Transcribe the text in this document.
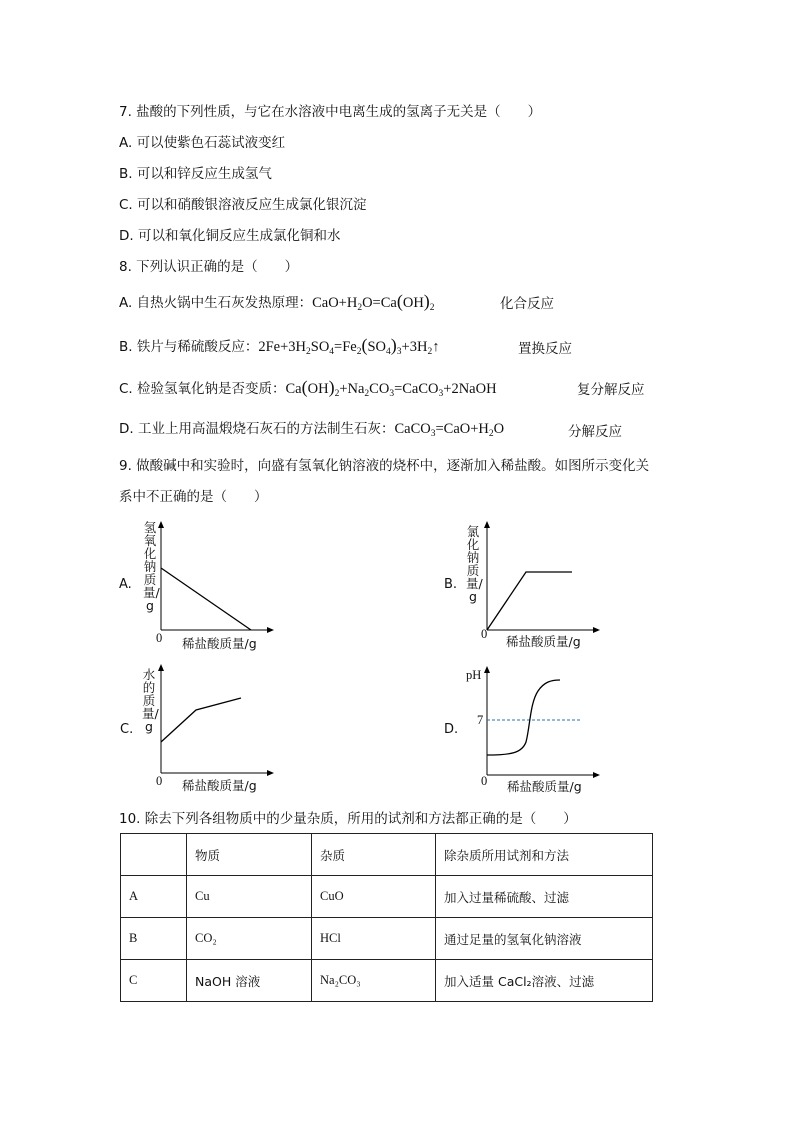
7. 盐酸的下列性质，与它在水溶液中电离生成的氢离子无关是（　　）
A. 可以使紫色石蕊试液变红
B. 可以和锌反应生成氢气
C. 可以和硝酸银溶液反应生成氯化银沉淀
D. 可以和氧化铜反应生成氯化铜和水
8. 下列认识正确的是（　　）
A. 自热火锅中生石灰发热原理：$CaO+H_2O=Ca(OH)_2$	化合反应
B. 铁片与稀硫酸反应：$2Fe+3H_2SO_4=Fe_2(SO_4)_3+3H_2↑$	置换反应
C. 检验氢氧化钠是否变质：$Ca(OH)_2+Na_2CO_3=CaCO_3+2NaOH$	复分解反应
D. 工业上用高温煅烧石灰石的方法制生石灰：$CaCO_3=CaO+H_2O$	分解反应
9. 做酸碱中和实验时，向盛有氢氧化钠溶液的烧杯中，逐渐加入稀盐酸。如图所示变化关
系中不正确的是（　　）
A.
氢氧化钠质量/g
0 稀盐酸质量/g
B.
氯化钠质量/g
0 稀盐酸质量/g
C.
水的质量/g
0 稀盐酸质量/g
D.
pH
7
0 稀盐酸质量/g
10. 除去下列各组物质中的少量杂质，所用的试剂和方法都正确的是（　　）
	物质	杂质	除杂质所用试剂和方法
A	Cu	CuO	加入过量稀硫酸、过滤
B	CO₂	HCl	通过足量的氢氧化钠溶液
C	NaOH 溶液	Na₂CO₃	加入适量 CaCl₂溶液、过滤
